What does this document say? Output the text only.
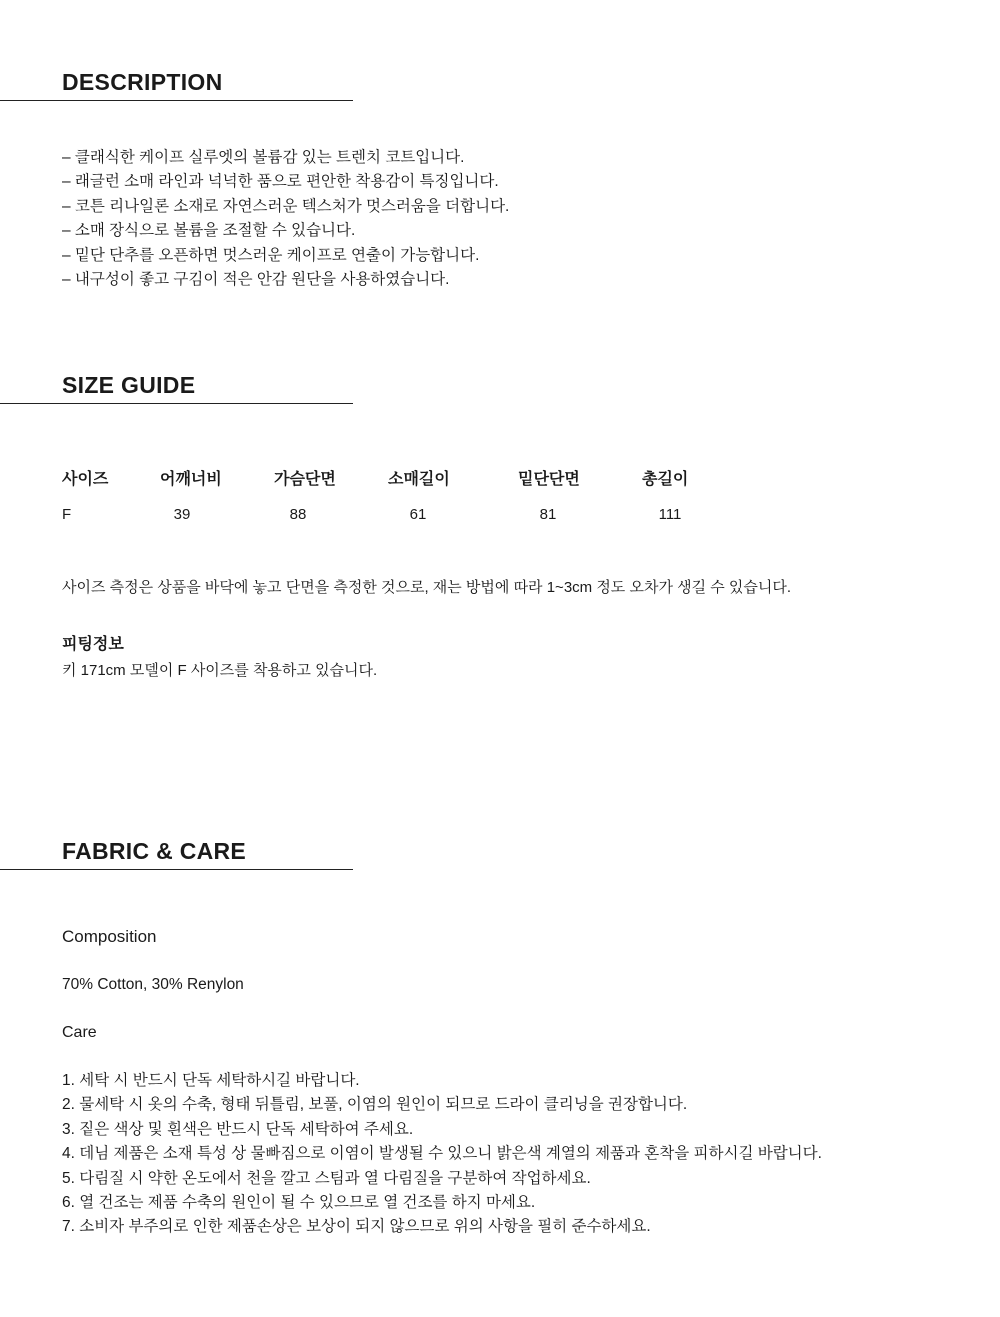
DESCRIPTION
– 클래식한 케이프 실루엣의 볼륨감 있는 트렌치 코트입니다.
– 래글런 소매 라인과 넉넉한 품으로 편안한 착용감이 특징입니다.
– 코튼 리나일론 소재로 자연스러운 텍스처가 멋스러움을 더합니다.
– 소매 장식으로 볼륨을 조절할 수 있습니다.
– 밑단 단추를 오픈하면 멋스러운 케이프로 연출이 가능합니다.
– 내구성이 좋고 구김이 적은 안감 원단을 사용하였습니다.
SIZE GUIDE
사이즈	어깨너비	가슴단면	소매길이	밑단단면	총길이
F	39	88	61	81	111
사이즈 측정은 상품을 바닥에 놓고 단면을 측정한 것으로, 재는 방법에 따라 1~3cm 정도 오차가 생길 수 있습니다.
피팅정보
키 171cm 모델이 F 사이즈를 착용하고 있습니다.
FABRIC & CARE
Composition
70% Cotton, 30% Renylon
Care
1. 세탁 시 반드시 단독 세탁하시길 바랍니다.
2. 물세탁 시 옷의 수축, 형태 뒤틀림, 보풀, 이염의 원인이 되므로 드라이 클리닝을 권장합니다.
3. 짙은 색상 및 흰색은 반드시 단독 세탁하여 주세요.
4. 데님 제품은 소재 특성 상 물빠짐으로 이염이 발생될 수 있으니 밝은색 계열의 제품과 혼착을 피하시길 바랍니다.
5. 다림질 시 약한 온도에서 천을 깔고 스팀과 열 다림질을 구분하여 작업하세요.
6. 열 건조는 제품 수축의 원인이 될 수 있으므로 열 건조를 하지 마세요.
7. 소비자 부주의로 인한 제품손상은 보상이 되지 않으므로 위의 사항을 필히 준수하세요.
